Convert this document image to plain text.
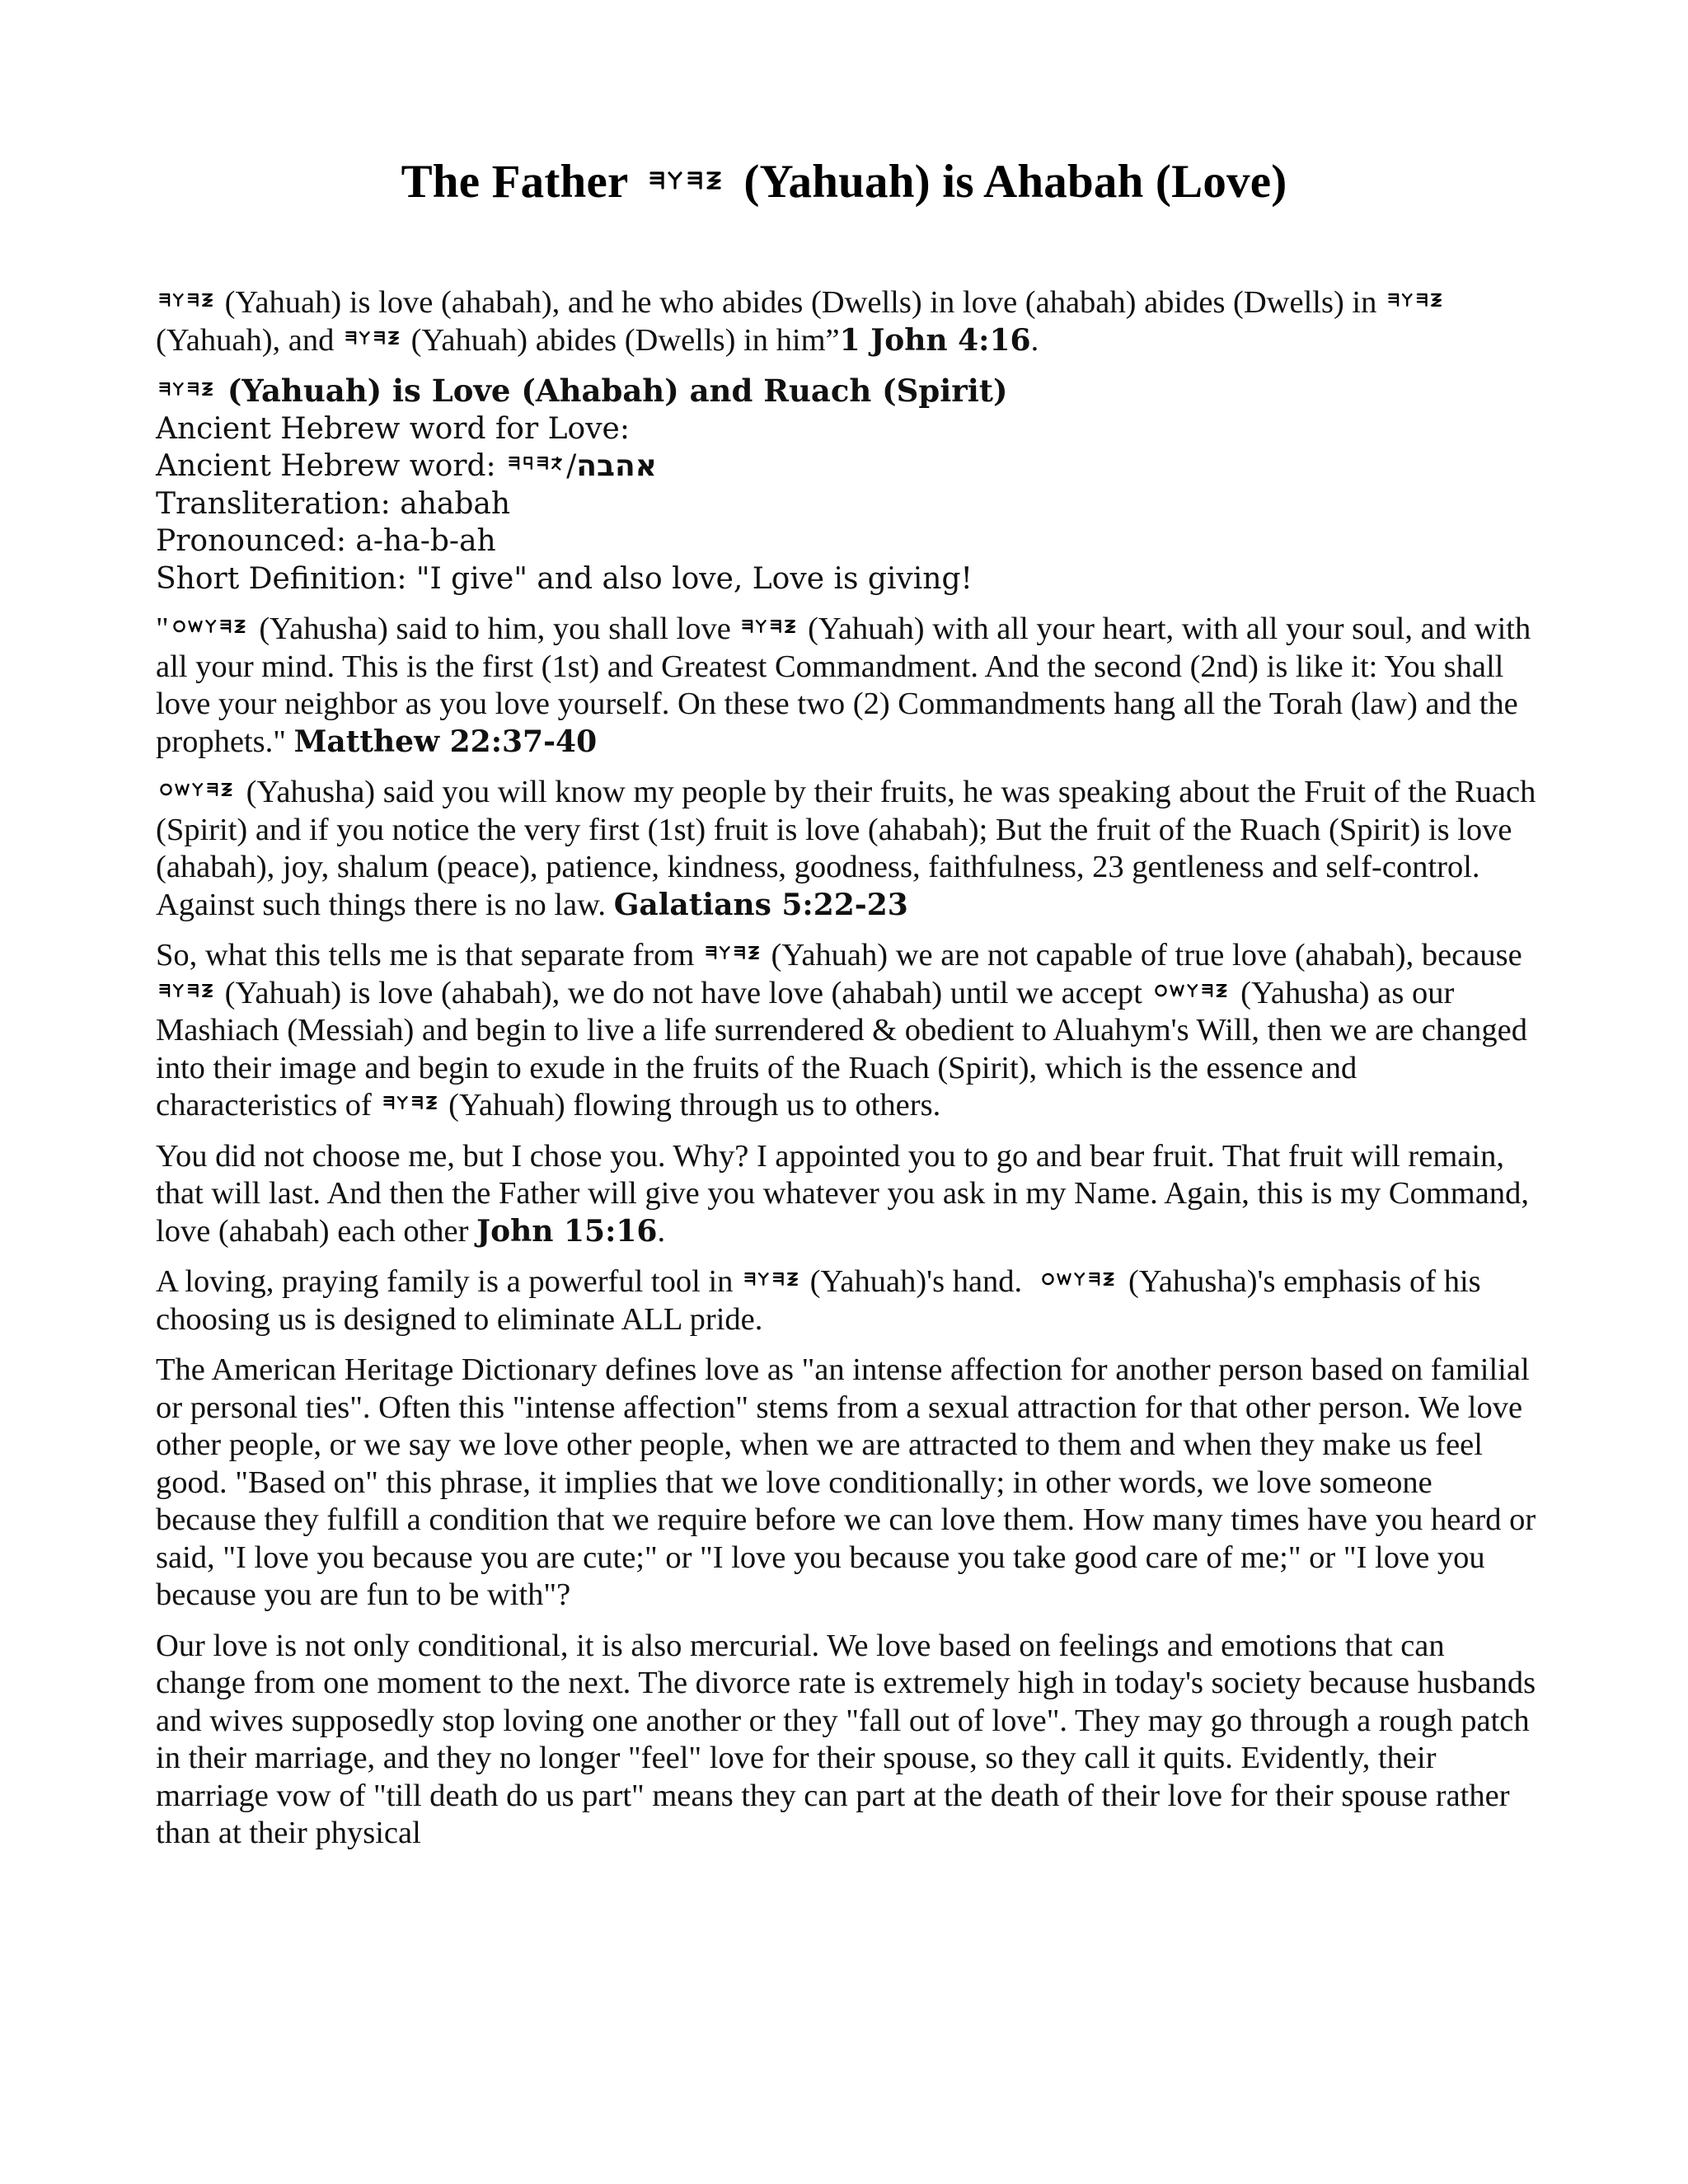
The Father (Yahuah) is Ahabah (Love)

(Yahuah) is love (ahabah), and he who abides (Dwells) in love (ahabah) abides (Dwells) in
(Yahuah), and (Yahuah) abides (Dwells) in him”1 John 4:16.

(Yahuah) is Love (Ahabah) and Ruach (Spirit)
Ancient Hebrew word for Love:
Ancient Hebrew word: /אהבה
Transliteration: ahabah
Pronounced: a-ha-b-ah
Short Definition: "I give" and also love, Love is giving!

"	(Yahusha) said to him, you shall love (Yahuah) with all your heart, with all your soul, and with all your mind. This is the first (1st) and Greatest Commandment. And the second (2nd) is like it: You shall love your neighbor as you love yourself. On these two (2) Commandments hang all the Torah (law) and the prophets." Matthew 22:37-40

(Yahusha) said you will know my people by their fruits, he was speaking about the Fruit of the Ruach (Spirit) and if you notice the very first (1st) fruit is love (ahabah); But the fruit of the Ruach (Spirit) is love (ahabah), joy, shalum (peace), patience, kindness, goodness, faithfulness, 23 gentleness and self-control. Against such things there is no law. Galatians 5:22-23

So, what this tells me is that separate from (Yahuah) we are not capable of true love (ahabah), because
(Yahuah) is love (ahabah), we do not have love (ahabah) until we accept	(Yahusha) as our Mashiach (Messiah) and begin to live a life surrendered & obedient to Aluahym's Will, then we are changed into their image and begin to exude in the fruits of the Ruach (Spirit), which is the essence and characteristics of (Yahuah) flowing through us to others.

You did not choose me, but I chose you. Why? I appointed you to go and bear fruit. That fruit will remain, that will last. And then the Father will give you whatever you ask in my Name. Again, this is my Command, love (ahabah) each other John 15:16.

A loving, praying family is a powerful tool in (Yahuah)'s hand.	(Yahusha)'s emphasis of his choosing us is designed to eliminate ALL pride.

The American Heritage Dictionary defines love as "an intense affection for another person based on familial or personal ties". Often this "intense affection" stems from a sexual attraction for that other person. We love other people, or we say we love other people, when we are attracted to them and when they make us feel good. "Based on" this phrase, it implies that we love conditionally; in other words, we love someone because they fulfill a condition that we require before we can love them. How many times have you heard or said, "I love you because you are cute;" or "I love you because you take good care of me;" or "I love you because you are fun to be with"?

Our love is not only conditional, it is also mercurial. We love based on feelings and emotions that can change from one moment to the next. The divorce rate is extremely high in today's society because husbands and wives supposedly stop loving one another or they "fall out of love". They may go through a rough patch in their marriage, and they no longer "feel" love for their spouse, so they call it quits. Evidently, their marriage vow of "till death do us part" means they can part at the death of their love for their spouse rather than at their physical
